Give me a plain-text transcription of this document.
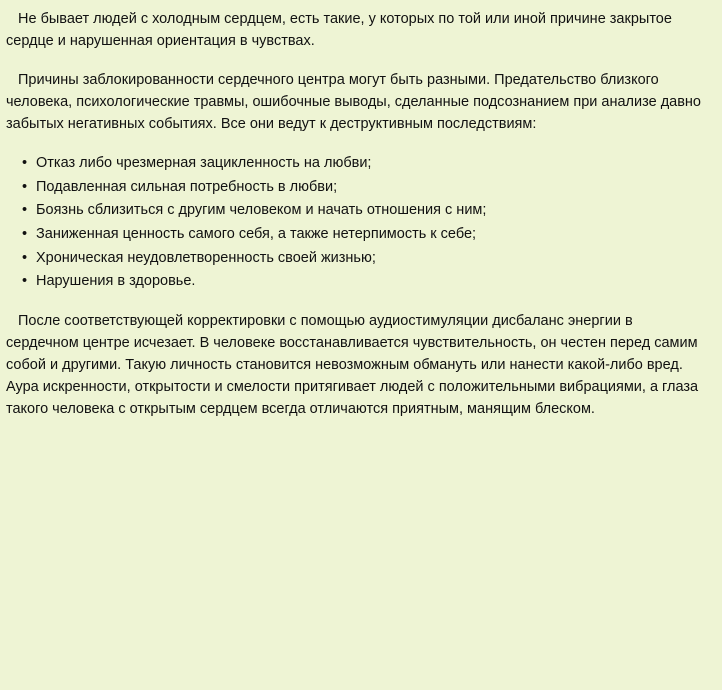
Не бывает людей с холодным сердцем, есть такие, у которых по той или иной причине закрытое сердце и нарушенная ориентация в чувствах.

Причины заблокированности сердечного центра могут быть разными. Предательство близкого человека, психологические травмы, ошибочные выводы, сделанные подсознанием при анализе давно забытых негативных событиях. Все они ведут к деструктивным последствиям:

• Отказ либо чрезмерная зацикленность на любви;
• Подавленная сильная потребность в любви;
• Боязнь сблизиться с другим человеком и начать отношения с ним;
• Заниженная ценность самого себя, а также нетерпимость к себе;
• Хроническая неудовлетворенность своей жизнью;
• Нарушения в здоровье.

После соответствующей корректировки с помощью аудиостимуляции дисбаланс энергии в сердечном центре исчезает. В человеке восстанавливается чувствительность, он честен перед самим собой и другими. Такую личность становится невозможным обмануть или нанести какой-либо вред. Аура искренности, открытости и смелости притягивает людей с положительными вибрациями, а глаза такого человека с открытым сердцем всегда отличаются приятным, манящим блеском.
